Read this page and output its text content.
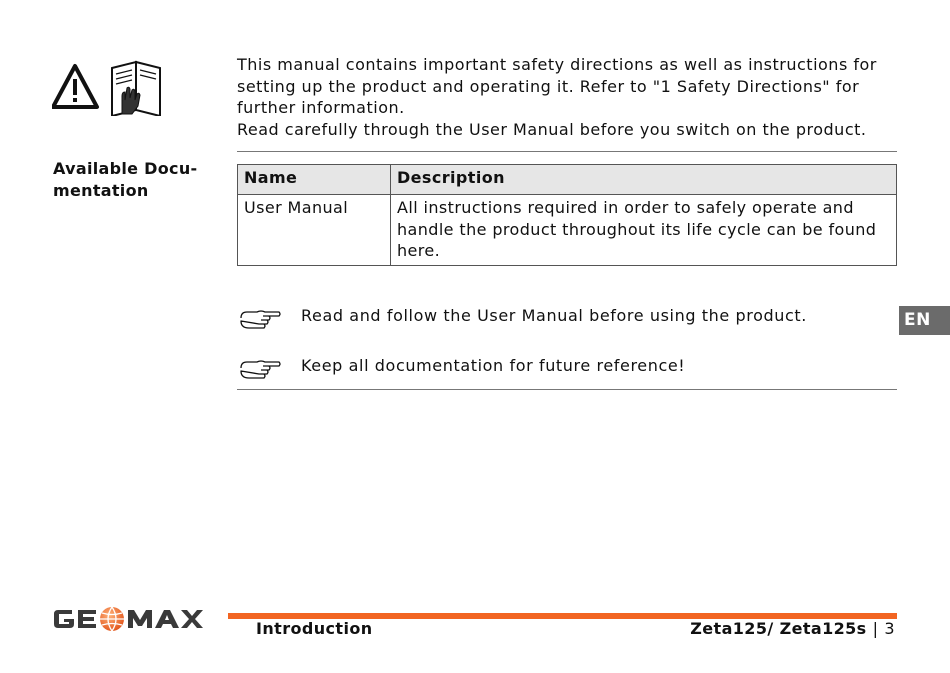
This manual contains important safety directions as well as instructions for setting up the product and operating it. Refer to "1 Safety Directions" for further information.

Read carefully through the User Manual before you switch on the product.

Available Docu-
mentation
Name	Description
User Manual	All instructions required in order to safely operate and handle the product throughout its life cycle can be found here.
Read and follow the User Manual before using the product.
Keep all documentation for future reference!
EN
Introduction	Zeta125/ Zeta125s | 3
